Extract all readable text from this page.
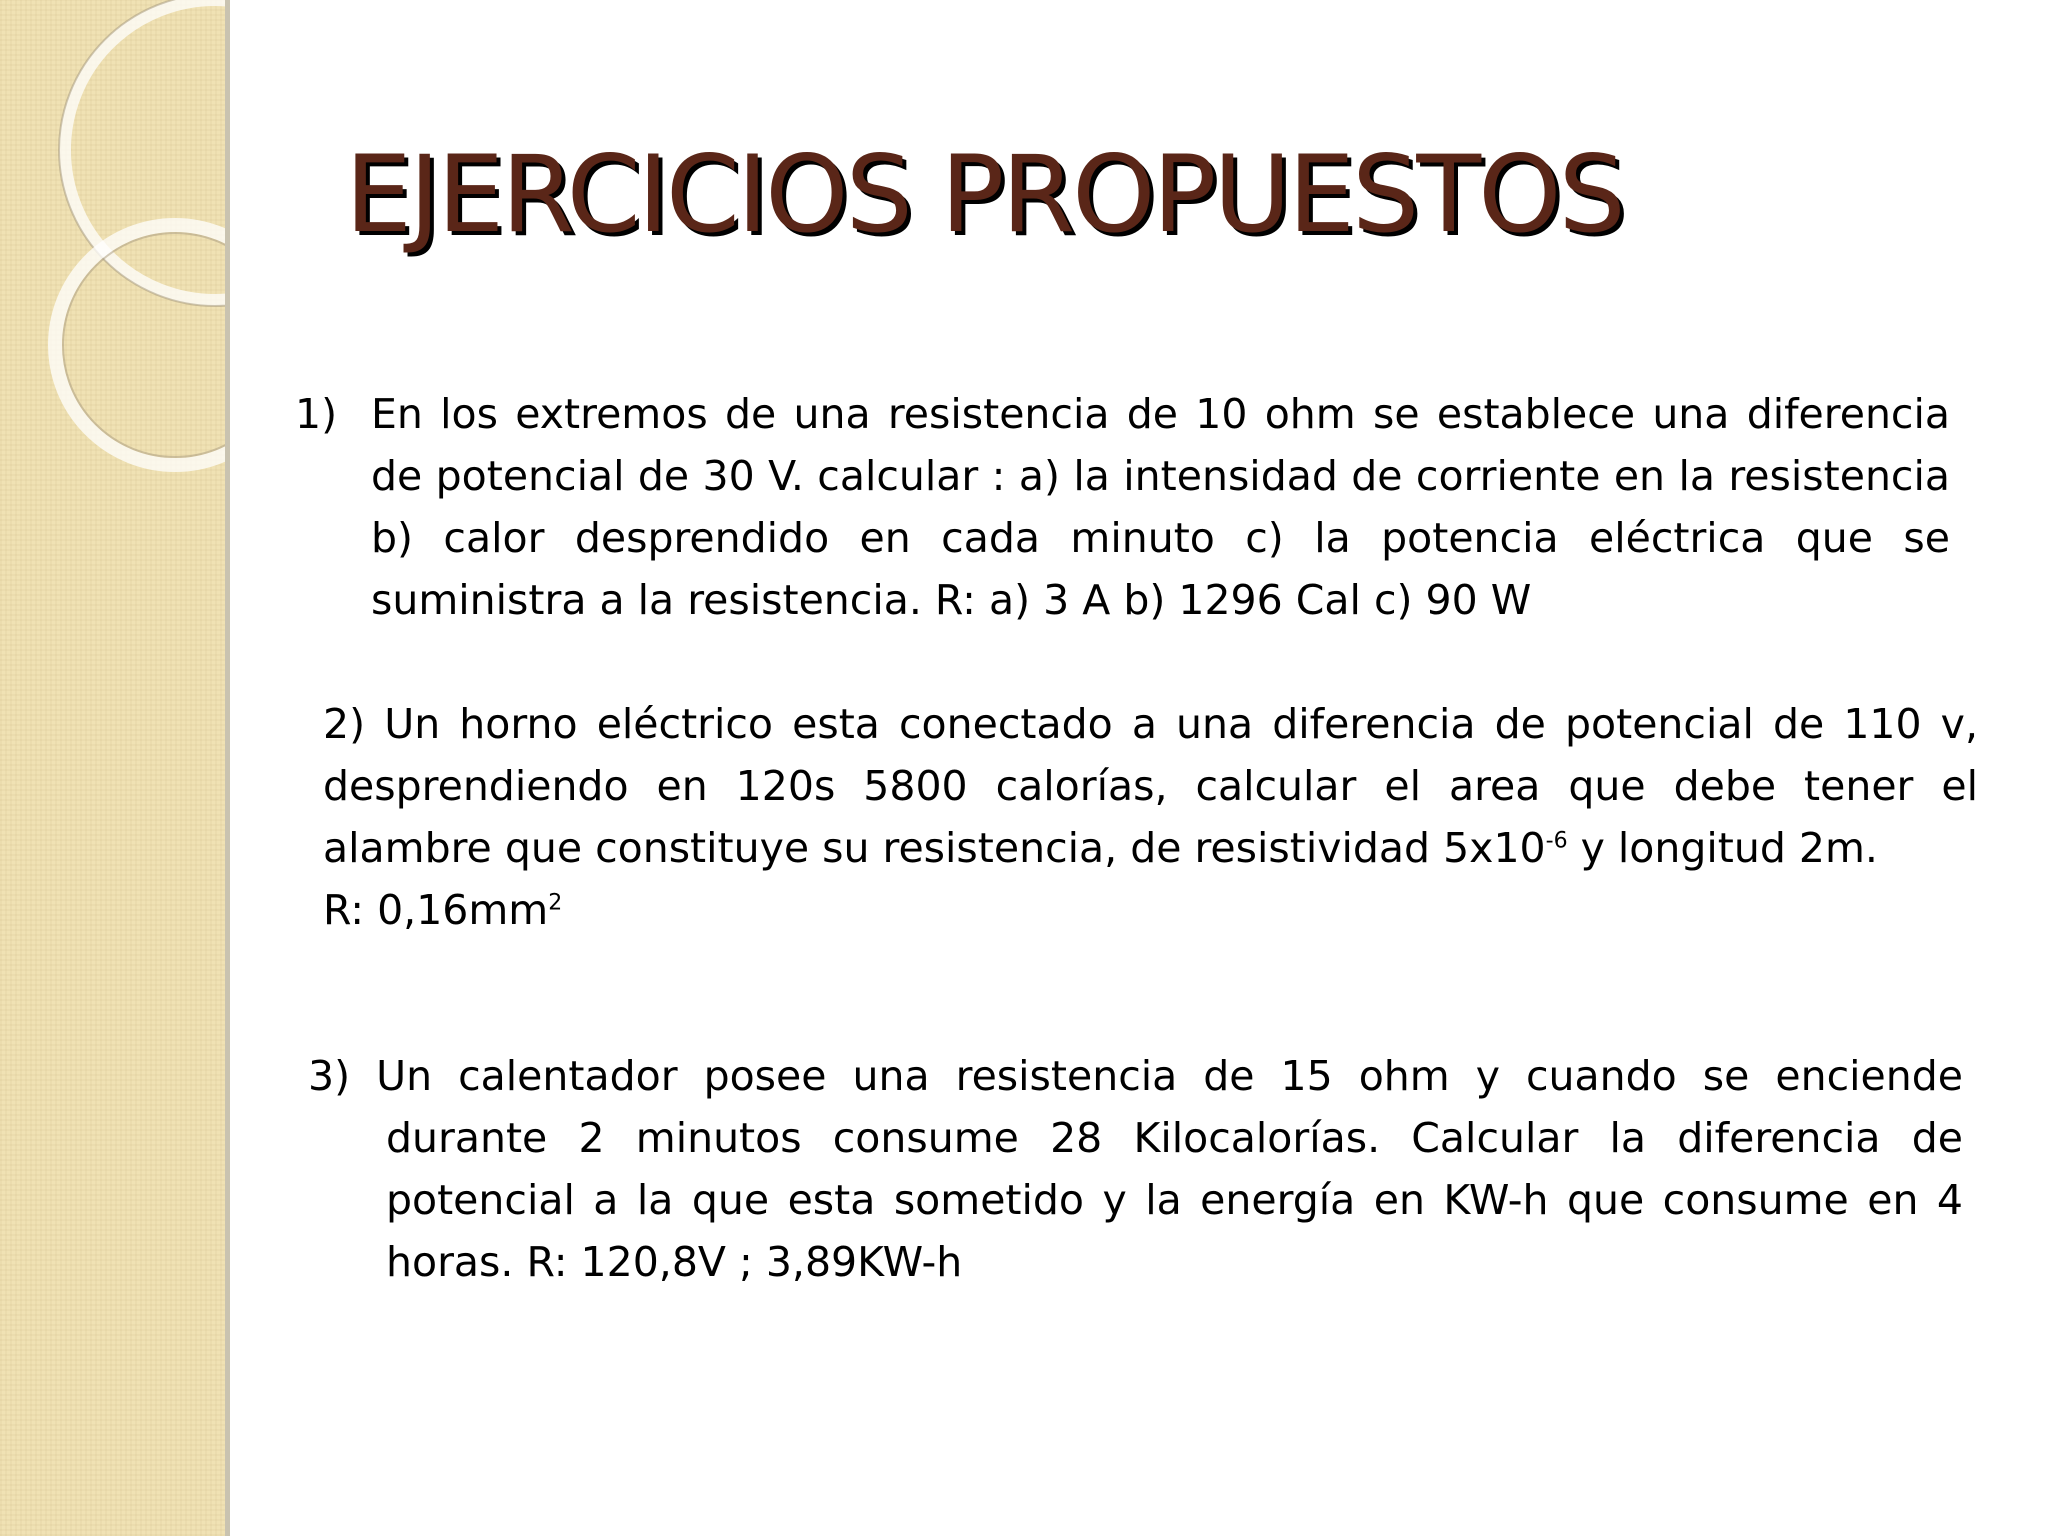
EJERCICIOS PROPUESTOS
1) En los extremos de una resistencia de 10 ohm se establece una diferencia de potencial de 30 V. calcular : a) la intensidad de corriente en la resistencia b) calor desprendido en cada minuto c) la potencia eléctrica que se suministra a la resistencia. R: a) 3 A b) 1296 Cal c) 90 W
2) Un horno eléctrico esta conectado a una diferencia de potencial de 110 v, desprendiendo en 120s 5800 calorías, calcular el area que debe tener el alambre que constituye su resistencia, de resistividad $5x10^{-6}$ y longitud 2m.
R: $0,16mm^2$
3) Un calentador posee una resistencia de 15 ohm y cuando se enciende durante 2 minutos consume 28 Kilocalorías. Calcular la diferencia de potencial a la que esta sometido y la energía en KW-h que consume en 4 horas. R: 120,8V ; 3,89KW-h
